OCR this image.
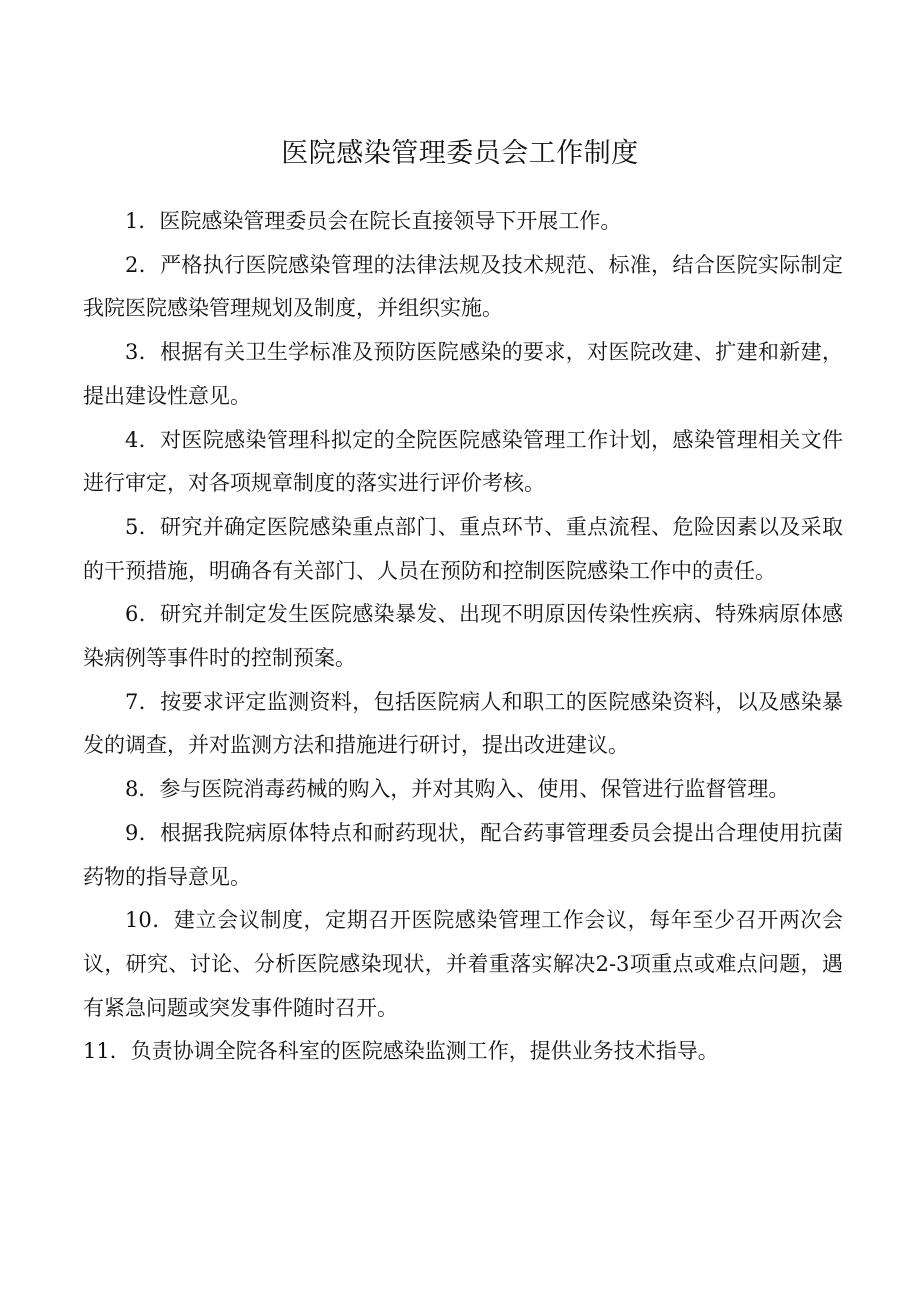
医院感染管理委员会工作制度

1．医院感染管理委员会在院长直接领导下开展工作。

2．严格执行医院感染管理的法律法规及技术规范、标准，结合医院实际制定我院医院感染管理规划及制度，并组织实施。

3．根据有关卫生学标准及预防医院感染的要求，对医院改建、扩建和新建，提出建设性意见。

4．对医院感染管理科拟定的全院医院感染管理工作计划，感染管理相关文件进行审定，对各项规章制度的落实进行评价考核。

5．研究并确定医院感染重点部门、重点环节、重点流程、危险因素以及采取的干预措施，明确各有关部门、人员在预防和控制医院感染工作中的责任。

6．研究并制定发生医院感染暴发、出现不明原因传染性疾病、特殊病原体感染病例等事件时的控制预案。

7．按要求评定监测资料，包括医院病人和职工的医院感染资料，以及感染暴发的调查，并对监测方法和措施进行研讨，提出改进建议。

8．参与医院消毒药械的购入，并对其购入、使用、保管进行监督管理。

9．根据我院病原体特点和耐药现状，配合药事管理委员会提出合理使用抗菌药物的指导意见。

10．建立会议制度，定期召开医院感染管理工作会议，每年至少召开两次会议，研究、讨论、分析医院感染现状，并着重落实解决2-3项重点或难点问题，遇有紧急问题或突发事件随时召开。

11．负责协调全院各科室的医院感染监测工作，提供业务技术指导。
